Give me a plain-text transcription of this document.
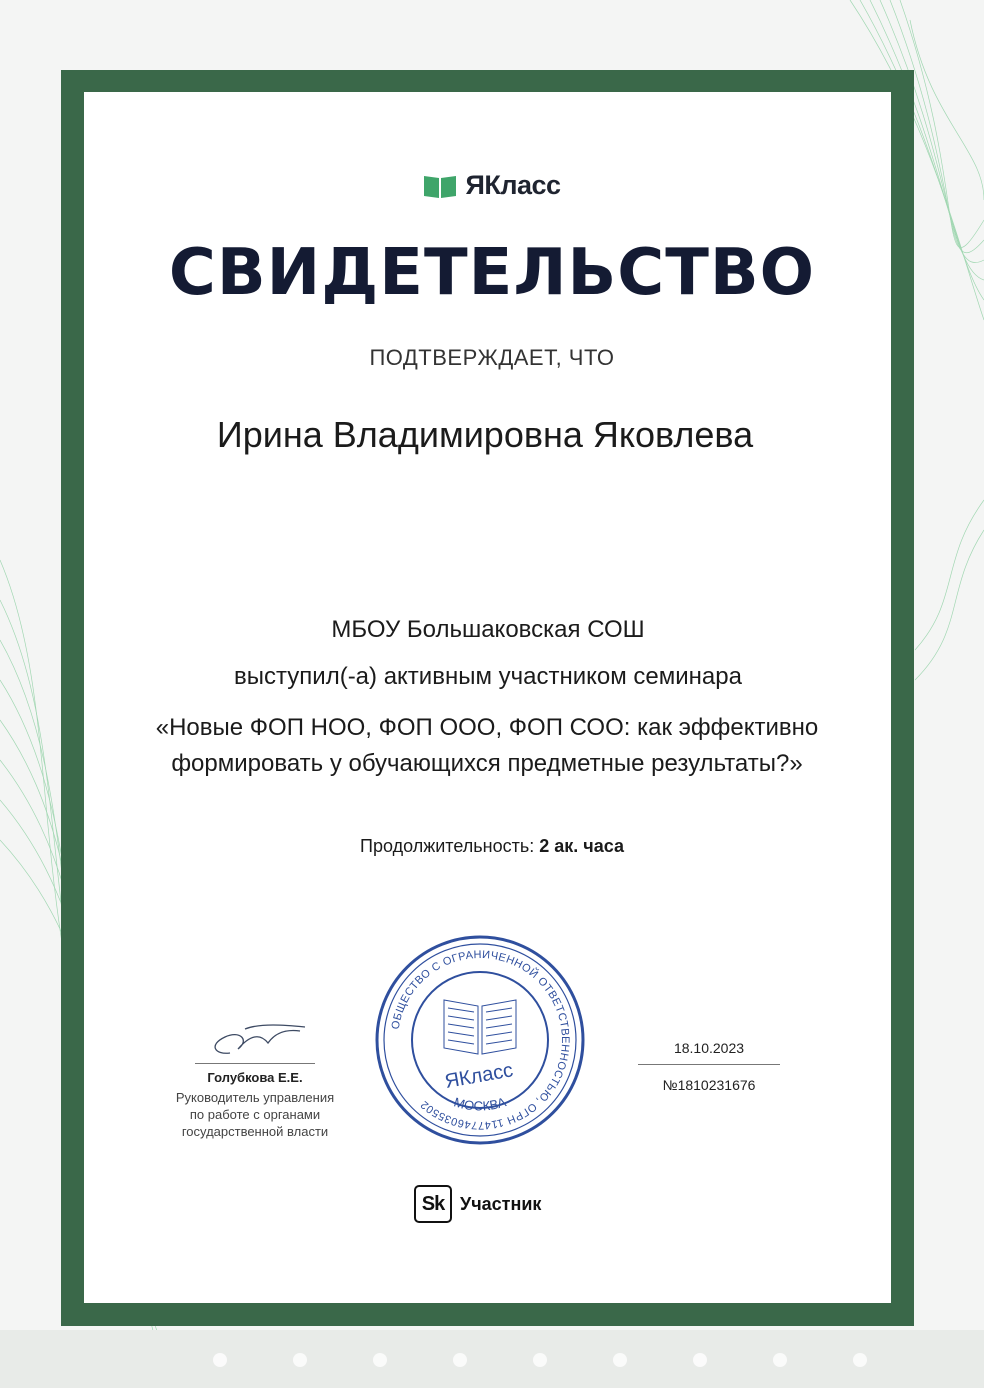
ЯКласс
СВИДЕТЕЛЬСТВО
ПОДТВЕРЖДАЕТ, ЧТО
Ирина Владимировна Яковлева
МБОУ Большаковская СОШ
выступил(-а) активным участником семинара
«Новые ФОП НОО, ФОП ООО, ФОП СОО: как эффективно
формировать у обучающихся предметные результаты?»
Продолжительность: 2 ак. часа
Голубкова Е.Е.
Руководитель управления
по работе с органами
государственной власти
ОБЩЕСТВО С ОГРАНИЧЕННОЙ ОТВЕТСТВЕННОСТЬЮ, ОГРН 1147746035502	МОСКВА
ЯКласс
18.10.2023
№1810231676
Sk Участник
